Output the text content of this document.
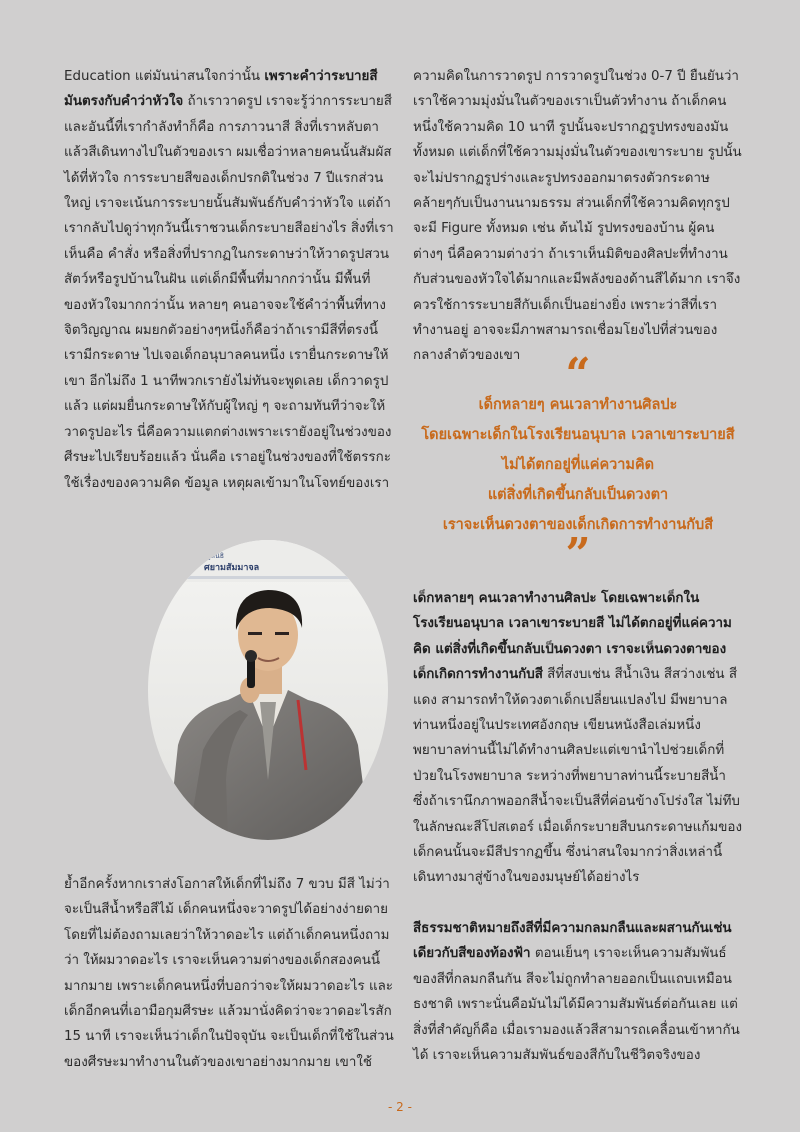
Education แต่มันน่าสนใจกว่านั้น เพราะคำว่าระบายสีมันตรงกับคำว่าหัวใจ ถ้าเราวาดรูป เราจะรู้ว่าการระบายสีและอันนี้ที่เรากำลังทำก็คือ การภาวนาสี สิ่งที่เราหลับตาแล้วสีเดินทางไปในตัวของเรา ผมเชื่อว่าหลายคนนั้นสัมผัสได้ที่หัวใจ การระบายสีของเด็กปรกติในช่วง 7 ปีแรกส่วนใหญ่ เราจะเน้นการระบายนั้นสัมพันธ์กับคำว่าหัวใจ แต่ถ้าเรากลับไปดูว่าทุกวันนี้เราชวนเด็กระบายสีอย่างไร สิ่งที่เราเห็นคือ คำสั่ง หรือสิ่งที่ปรากฏในกระดาษว่าให้วาดรูปสวนสัตว์หรือรูปบ้านในฝัน แต่เด็กมีพื้นที่มากกว่านั้น มีพื้นที่ของหัวใจมากกว่านั้น หลายๆ คนอาจจะใช้คำว่าพื้นที่ทางจิตวิญญาณ ผมยกตัวอย่างๆหนึ่งก็คือว่าถ้าเรามีสีที่ตรงนี้เรามีกระดาษ ไปเจอเด็กอนุบาลคนหนึ่ง เรายื่นกระดาษให้เขา อีกไม่ถึง 1 นาทีพวกเรายังไม่ทันจะพูดเลย เด็กวาดรูปแล้ว แต่ผมยื่นกระดาษให้กับผู้ใหญ่ ๆ จะถามทันทีว่าจะให้วาดรูปอะไร นี่คือความแตกต่างเพราะเรายังอยู่ในช่วงของศีรษะไปเรียบร้อยแล้ว นั่นคือ เราอยู่ในช่วงของที่ใช้ตรรกะ ใช้เรื่องของความคิด ข้อมูล เหตุผลเข้ามาในโจทย์ของเรา

มูลนิธิ
ศยามสัมมาจล

ย้ำอีกครั้งหากเราส่งโอกาสให้เด็กที่ไม่ถึง 7 ขวบ มีสี ไม่ว่าจะเป็นสีน้ำหรือสีไม้ เด็กคนหนึ่งจะวาดรูปได้อย่างง่ายดาย โดยที่ไม่ต้องถามเลยว่าให้วาดอะไร แต่ถ้าเด็กคนหนึ่งถามว่า ให้ผมวาดอะไร เราจะเห็นความต่างของเด็กสองคนนี้มากมาย เพราะเด็กคนหนึ่งที่บอกว่าจะให้ผมวาดอะไร และเด็กอีกคนที่เอามือกุมศีรษะ แล้วมานั่งคิดว่าจะวาดอะไรสัก 15 นาที เราจะเห็นว่าเด็กในปัจจุบัน จะเป็นเด็กที่ใช้ในส่วนของศีรษะมาทำงานในตัวของเขาอย่างมากมาย เขาใช้

ความคิดในการวาดรูป การวาดรูปในช่วง 0-7 ปี ยืนยันว่าเราใช้ความมุ่งมั่นในตัวของเราเป็นตัวทำงาน ถ้าเด็กคนหนึ่งใช้ความคิด 10 นาที รูปนั้นจะปรากฏรูปทรงของมันทั้งหมด แต่เด็กที่ใช้ความมุ่งมั่นในตัวของเขาระบาย รูปนั้นจะไม่ปรากฏรูปร่างและรูปทรงออกมาตรงตัวกระดาษ คล้ายๆกับเป็นงานนามธรรม ส่วนเด็กที่ใช้ความคิดทุกรูปจะมี Figure ทั้งหมด เช่น ต้นไม้ รูปทรงของบ้าน ผู้คนต่างๆ นี่คือความต่างว่า ถ้าเราเห็นมิติของศิลปะที่ทำงานกับส่วนของหัวใจได้มากและมีพลังของด้านสีได้มาก เราจึงควรใช้การระบายสีกับเด็กเป็นอย่างยิ่ง เพราะว่าสีที่เราทำงานอยู่ อาจจะมีภาพสามารถเชื่อมโยงไปที่ส่วนของกลางลำตัวของเขา	“
เด็กหลายๆ คนเวลาทำงานศิลปะ
โดยเฉพาะเด็กในโรงเรียนอนุบาล เวลาเขาระบายสี
ไม่ได้ตกอยู่ที่แค่ความคิด
แต่สิ่งที่เกิดขึ้นกลับเป็นดวงตา
เราจะเห็นดวงตาของเด็กเกิดการทำงานกับสี
”

เด็กหลายๆ คนเวลาทำงานศิลปะ โดยเฉพาะเด็กในโรงเรียนอนุบาล เวลาเขาระบายสี ไม่ได้ตกอยู่ที่แค่ความคิด แต่สิ่งที่เกิดขึ้นกลับเป็นดวงตา เราจะเห็นดวงตาของเด็กเกิดการทำงานกับสี สีที่สงบเช่น สีน้ำเงิน สีสว่างเช่น สีแดง สามารถทำให้ดวงตาเด็กเปลี่ยนแปลงไป มีพยาบาลท่านหนึ่งอยู่ในประเทศอังกฤษ เขียนหนังสือเล่มหนึ่ง พยาบาลท่านนี้ไม่ได้ทำงานศิลปะแต่เขานำไปช่วยเด็กที่ป่วยในโรงพยาบาล ระหว่างที่พยาบาลท่านนี้ระบายสีน้ำ ซึ่งถ้าเรานึกภาพออกสีน้ำจะเป็นสีที่ค่อนข้างโปร่งใส ไม่ทึบ ในลักษณะสีโปสเตอร์ เมื่อเด็กระบายสีบนกระดาษแก้มของเด็กคนนั้นจะมีสีปรากฏขึ้น ซึ่งน่าสนใจมากว่าสิ่งเหล่านี้เดินทางมาสู่ข้างในของมนุษย์ได้อย่างไร

สีธรรมชาติหมายถึงสีที่มีความกลมกลืนและผสานกันเช่นเดียวกับสีของท้องฟ้า ตอนเย็นๆ เราจะเห็นความสัมพันธ์ของสีที่กลมกลืนกัน สีจะไม่ถูกทำลายออกเป็นแถบเหมือนธงชาติ เพราะนั่นคือมันไม่ได้มีความสัมพันธ์ต่อกันเลย แต่สิ่งที่สำคัญก็คือ เมื่อเรามองแล้วสีสามารถเคลื่อนเข้าหากันได้ เราจะเห็นความสัมพันธ์ของสีกับในชีวิตจริงของ

- 2 -
